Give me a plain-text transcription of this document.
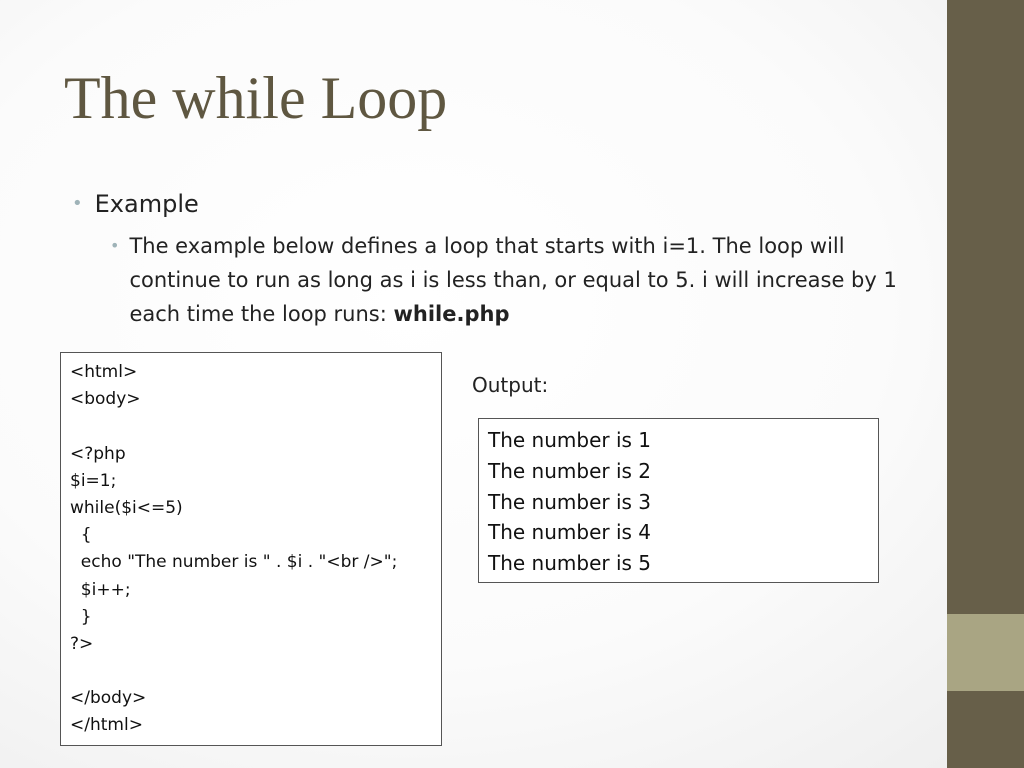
The while Loop
• Example
• The example below defines a loop that starts with i=1. The loop will continue to run as long as i is less than, or equal to 5. i will increase by 1 each time the loop runs: while.php
<html>
<body>
<?php
$i=1;
while($i<=5)
{
echo "The number is " . $i . "<br />";
$i++;
}
?>
</body>
</html>
Output:
The number is 1
The number is 2
The number is 3
The number is 4
The number is 5
